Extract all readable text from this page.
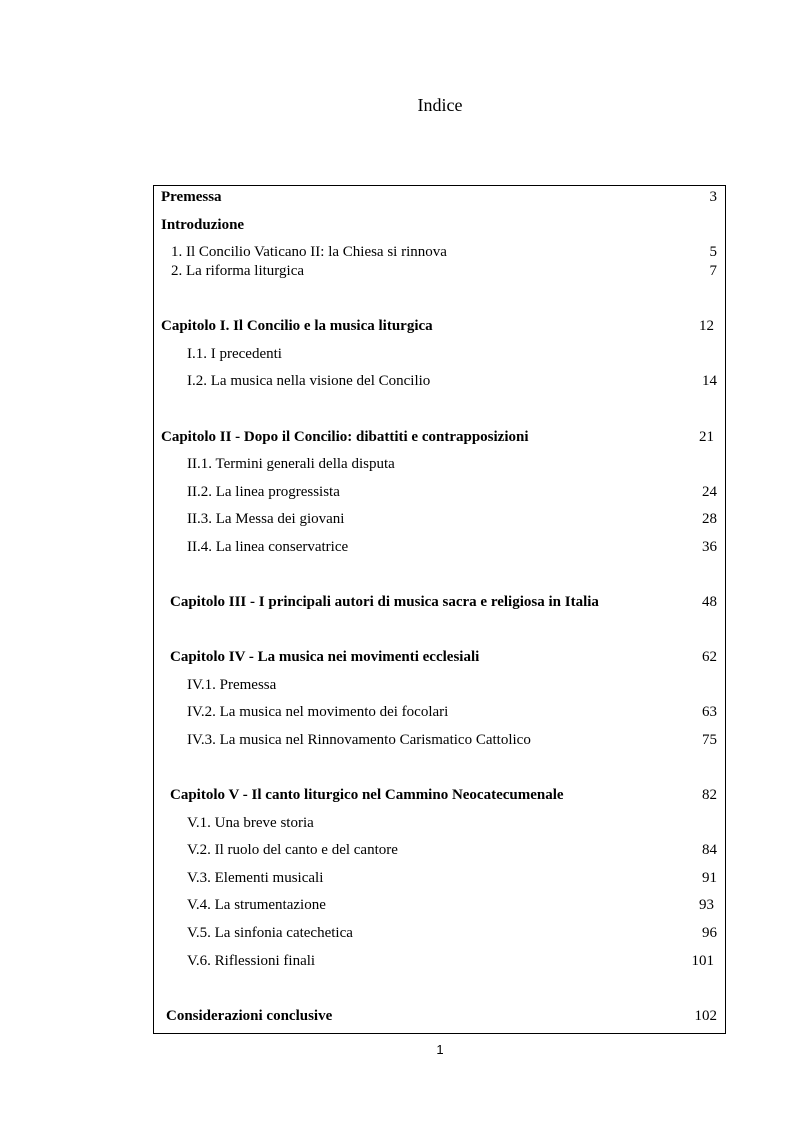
Indice
Premessa	3
Introduzione
1. Il Concilio Vaticano II: la Chiesa si rinnova	5
2. La riforma liturgica	7
Capitolo I. Il Concilio e la musica liturgica	12
I.1. I precedenti
I.2. La musica nella visione del Concilio	14
Capitolo II - Dopo il Concilio: dibattiti e contrapposizioni	21
II.1. Termini generali della disputa
II.2. La linea progressista	24
II.3. La Messa dei giovani	28
II.4. La linea conservatrice	36
Capitolo III - I principali autori di musica sacra e religiosa in Italia	48
Capitolo IV - La musica nei movimenti ecclesiali	62
IV.1. Premessa
IV.2. La musica nel movimento dei focolari	63
IV.3. La musica nel Rinnovamento Carismatico Cattolico	75
Capitolo V - Il canto liturgico nel Cammino Neocatecumenale	82
V.1. Una breve storia
V.2. Il ruolo del canto e del cantore	84
V.3. Elementi musicali	91
V.4. La strumentazione	93
V.5. La sinfonia catechetica	96
V.6. Riflessioni finali	101
Considerazioni conclusive	102
1
